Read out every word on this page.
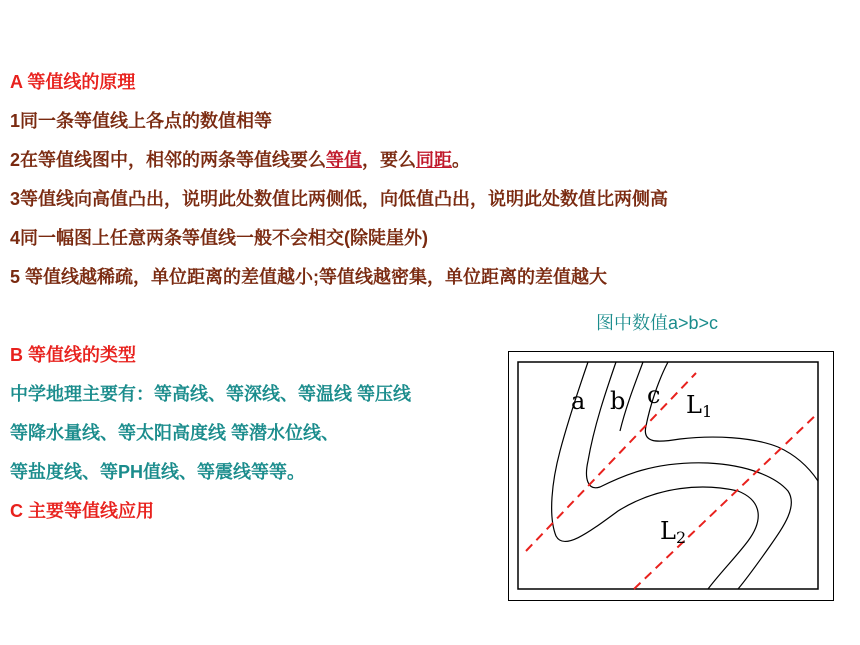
A 等值线的原理
1同一条等值线上各点的数值相等
2在等值线图中，相邻的两条等值线要么等值，要么同距。
3等值线向高值凸出，说明此处数值比两侧低，向低值凸出，说明此处数值比两侧高
4同一幅图上任意两条等值线一般不会相交(除陡崖外)
5 等值线越稀疏，单位距离的差值越小;等值线越密集，单位距离的差值越大
B 等值线的类型
中学地理主要有：等高线、等深线、等温线 等压线
等降水量线、等太阳高度线 等潜水位线、
等盐度线、等PH值线、等震线等等。
C 主要等值线应用
图中数值a>b>c
a b c L1
L2
